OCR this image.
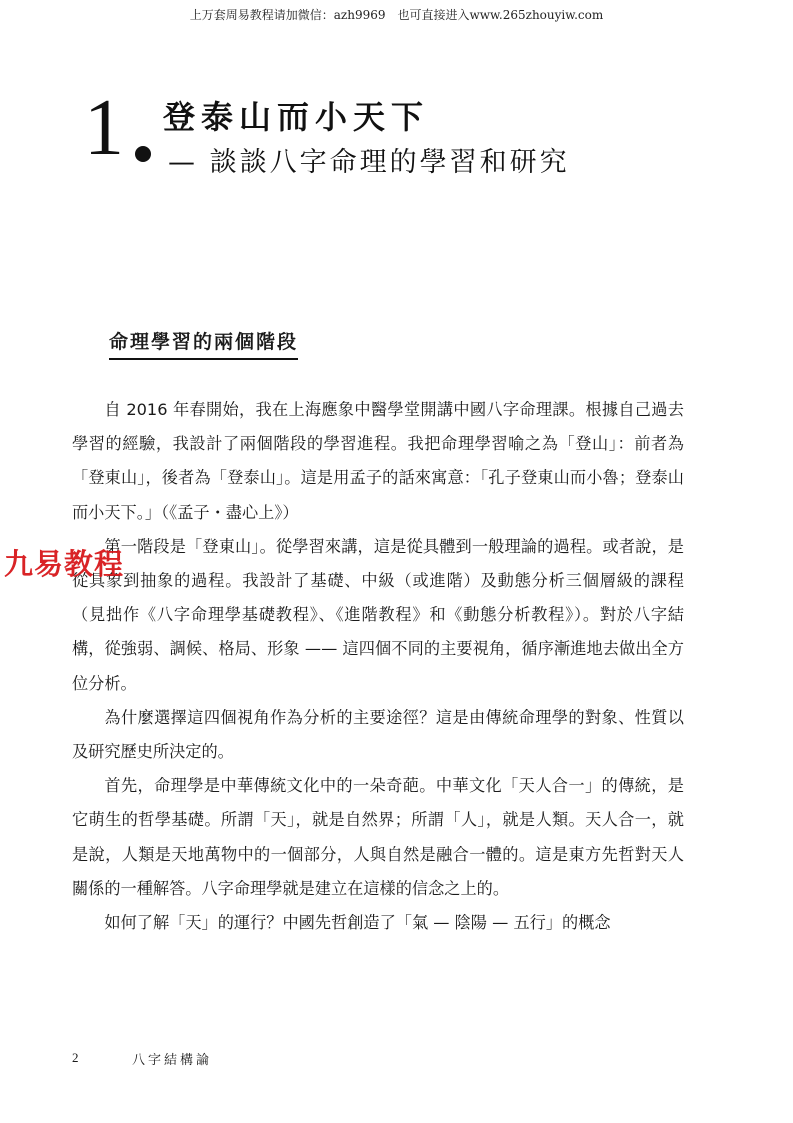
上万套周易教程请加微信：azh9969　也可直接进入www.265zhouyiw.com
1 登泰山而小天下
— 談談八字命理的學習和研究
命理學習的兩個階段

自 2016 年春開始，我在上海應象中醫學堂開講中國八字命理課。根據自己過去學習的經驗，我設計了兩個階段的學習進程。我把命理學習喻之為「登山」：前者為「登東山」，後者為「登泰山」。這是用孟子的話來寓意：「孔子登東山而小魯；登泰山而小天下。」（《孟子・盡心上》）

第一階段是「登東山」。從學習來講，這是從具體到一般理論的過程。或者說，是從具象到抽象的過程。我設計了基礎、中級（或進階）及動態分析三個層級的課程（見拙作《八字命理學基礎教程》、《進階教程》和《動態分析教程》）。對於八字結構，從強弱、調候、格局、形象 —— 這四個不同的主要視角，循序漸進地去做出全方位分析。

為什麼選擇這四個視角作為分析的主要途徑？這是由傳統命理學的對象、性質以及研究歷史所決定的。

首先，命理學是中華傳統文化中的一朵奇葩。中華文化「天人合一」的傳統，是它萌生的哲學基礎。所謂「天」，就是自然界；所謂「人」，就是人類。天人合一，就是說，人類是天地萬物中的一個部分，人與自然是融合一體的。這是東方先哲對天人關係的一種解答。八字命理學就是建立在這樣的信念之上的。

如何了解「天」的運行？中國先哲創造了「氣 — 陰陽 — 五行」的概念

九易教程
2	八字結構論
